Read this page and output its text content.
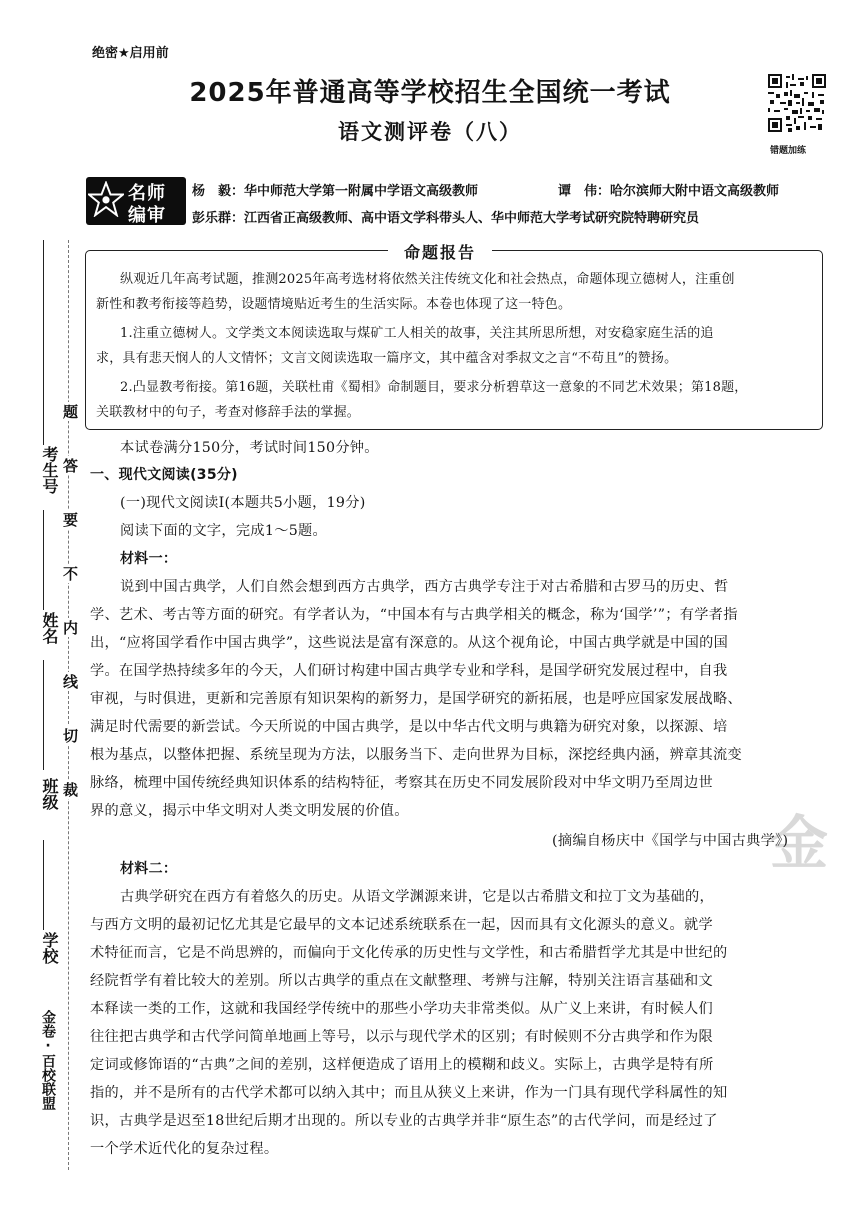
考生号
姓名
班级
学校
题
答
要
不
内
线
切
裁
金卷·百校联盟
绝密★启用前
2025年普通高等学校招生全国统一考试
语文测评卷（八）
错题加练
名师
编审
杨　毅：华中师范大学第一附属中学语文高级教师	谭　伟：哈尔滨师大附中语文高级教师
彭乐群：江西省正高级教师、高中语文学科带头人、华中师范大学考试研究院特聘研究员
命题报告
纵观近几年高考试题，推测2025年高考选材将依然关注传统文化和社会热点，命题体现立德树人，注重创
新性和教考衔接等趋势，设题情境贴近考生的生活实际。本卷也体现了这一特色。
1.注重立德树人。文学类文本阅读选取与煤矿工人相关的故事，关注其所思所想，对安稳家庭生活的追
求，具有悲天悯人的人文情怀；文言文阅读选取一篇序文，其中蕴含对季叔文之言“不苟且”的赞扬。
2.凸显教考衔接。第16题，关联杜甫《蜀相》命制题目，要求分析碧草这一意象的不同艺术效果；第18题，
关联教材中的句子，考查对修辞手法的掌握。
本试卷满分150分，考试时间150分钟。
一、现代文阅读(35分)
(一)现代文阅读Ⅰ(本题共5小题，19分)
阅读下面的文字，完成1～5题。
材料一：
说到中国古典学，人们自然会想到西方古典学，西方古典学专注于对古希腊和古罗马的历史、哲
学、艺术、考古等方面的研究。有学者认为，“中国本有与古典学相关的概念，称为‘国学’”；有学者指
出，“应将国学看作中国古典学”，这些说法是富有深意的。从这个视角论，中国古典学就是中国的国
学。在国学热持续多年的今天，人们研讨构建中国古典学专业和学科，是国学研究发展过程中，自我
审视，与时俱进，更新和完善原有知识架构的新努力，是国学研究的新拓展，也是呼应国家发展战略、
满足时代需要的新尝试。今天所说的中国古典学，是以中华古代文明与典籍为研究对象，以探源、培
根为基点，以整体把握、系统呈现为方法，以服务当下、走向世界为目标，深挖经典内涵，辨章其流变
脉络，梳理中国传统经典知识体系的结构特征，考察其在历史不同发展阶段对中华文明乃至周边世
界的意义，揭示中华文明对人类文明发展的价值。	金
(摘编自杨庆中《国学与中国古典学》)
材料二：
古典学研究在西方有着悠久的历史。从语文学渊源来讲，它是以古希腊文和拉丁文为基础的，
与西方文明的最初记忆尤其是它最早的文本记述系统联系在一起，因而具有文化源头的意义。就学
术特征而言，它是不尚思辨的，而偏向于文化传承的历史性与文学性，和古希腊哲学尤其是中世纪的
经院哲学有着比较大的差别。所以古典学的重点在文献整理、考辨与注解，特别关注语言基础和文
本释读一类的工作，这就和我国经学传统中的那些小学功夫非常类似。从广义上来讲，有时候人们
往往把古典学和古代学问简单地画上等号，以示与现代学术的区别；有时候则不分古典学和作为限
定词或修饰语的“古典”之间的差别，这样便造成了语用上的模糊和歧义。实际上，古典学是特有所
指的，并不是所有的古代学术都可以纳入其中；而且从狭义上来讲，作为一门具有现代学科属性的知
识，古典学是迟至18世纪后期才出现的。所以专业的古典学并非“原生态”的古代学问，而是经过了
一个学术近代化的复杂过程。
